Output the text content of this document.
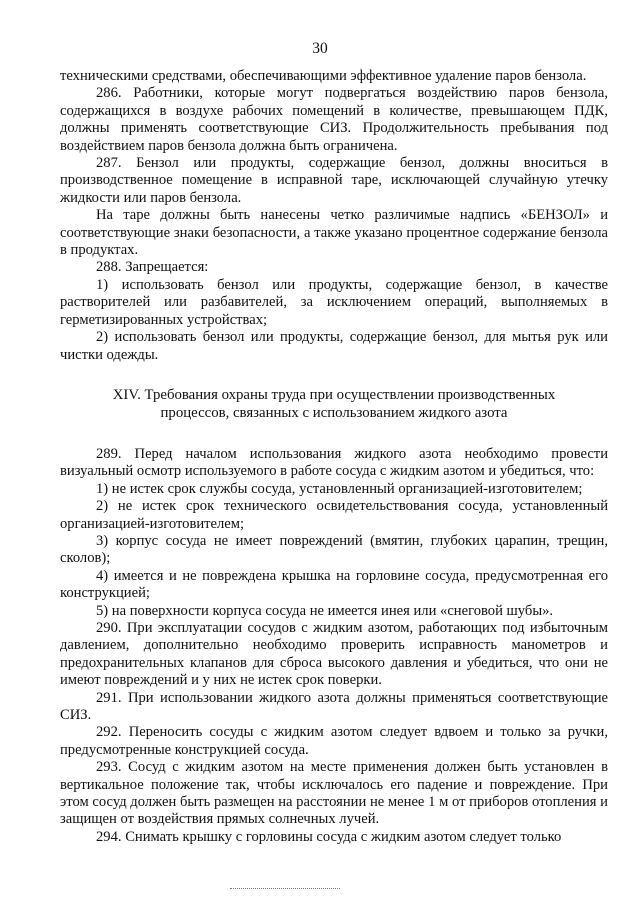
30

техническими средствами, обеспечивающими эффективное удаление паров бензола.

286. Работники, которые могут подвергаться воздействию паров бензола, содержащихся в воздухе рабочих помещений в количестве, превышающем ПДК, должны применять соответствующие СИЗ. Продолжительность пребывания под воздействием паров бензола должна быть ограничена.

287. Бензол или продукты, содержащие бензол, должны вноситься в производственное помещение в исправной таре, исключающей случайную утечку жидкости или паров бензола.

На таре должны быть нанесены четко различимые надпись «БЕНЗОЛ» и соответствующие знаки безопасности, а также указано процентное содержание бензола в продуктах.

288. Запрещается:

1) использовать бензол или продукты, содержащие бензол, в качестве растворителей или разбавителей, за исключением операций, выполняемых в герметизированных устройствах;

2) использовать бензол или продукты, содержащие бензол, для мытья рук или чистки одежды.

XIV. Требования охраны труда при осуществлении производственных
процессов, связанных с использованием жидкого азота

289. Перед началом использования жидкого азота необходимо провести визуальный осмотр используемого в работе сосуда с жидким азотом и убедиться, что:

1) не истек срок службы сосуда, установленный организацией-изготовителем;

2) не истек срок технического освидетельствования сосуда, установленный организацией-изготовителем;

3) корпус сосуда не имеет повреждений (вмятин, глубоких царапин, трещин, сколов);

4) имеется и не повреждена крышка на горловине сосуда, предусмотренная его конструкцией;

5) на поверхности корпуса сосуда не имеется инея или «снеговой шубы».

290. При эксплуатации сосудов с жидким азотом, работающих под избыточным давлением, дополнительно необходимо проверить исправность манометров и предохранительных клапанов для сброса высокого давления и убедиться, что они не имеют повреждений и у них не истек срок поверки.

291. При использовании жидкого азота должны применяться соответствующие СИЗ.

292. Переносить сосуды с жидким азотом следует вдвоем и только за ручки, предусмотренные конструкцией сосуда.

293. Сосуд с жидким азотом на месте применения должен быть установлен в вертикальное положение так, чтобы исключалось его падение и повреждение. При этом сосуд должен быть размещен на расстоянии не менее 1 м от приборов отопления и защищен от воздействия прямых солнечных лучей.

294. Снимать крышку с горловины сосуда с жидким азотом следует только
